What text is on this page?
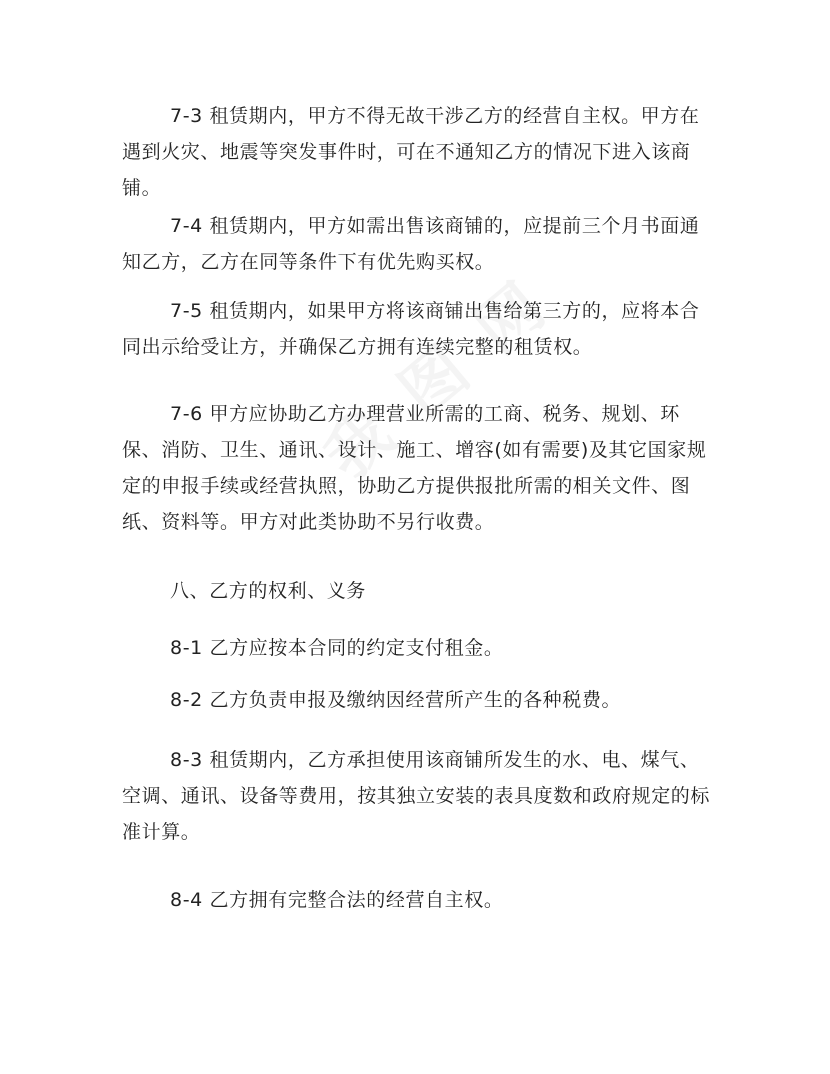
7-3 租赁期内，甲方不得无故干涉乙方的经营自主权。甲方在遇到火灾、地震等突发事件时，可在不通知乙方的情况下进入该商铺。

7-4 租赁期内，甲方如需出售该商铺的，应提前三个月书面通知乙方，乙方在同等条件下有优先购买权。

7-5 租赁期内，如果甲方将该商铺出售给第三方的，应将本合同出示给受让方，并确保乙方拥有连续完整的租赁权。

7-6 甲方应协助乙方办理营业所需的工商、税务、规划、环保、消防、卫生、通讯、设计、施工、增容(如有需要)及其它国家规定的申报手续或经营执照，协助乙方提供报批所需的相关文件、图纸、资料等。甲方对此类协助不另行收费。

八、乙方的权利、义务

8-1 乙方应按本合同的约定支付租金。

8-2 乙方负责申报及缴纳因经营所产生的各种税费。

8-3 租赁期内，乙方承担使用该商铺所发生的水、电、煤气、空调、通讯、设备等费用，按其独立安装的表具度数和政府规定的标准计算。

8-4 乙方拥有完整合法的经营自主权。
